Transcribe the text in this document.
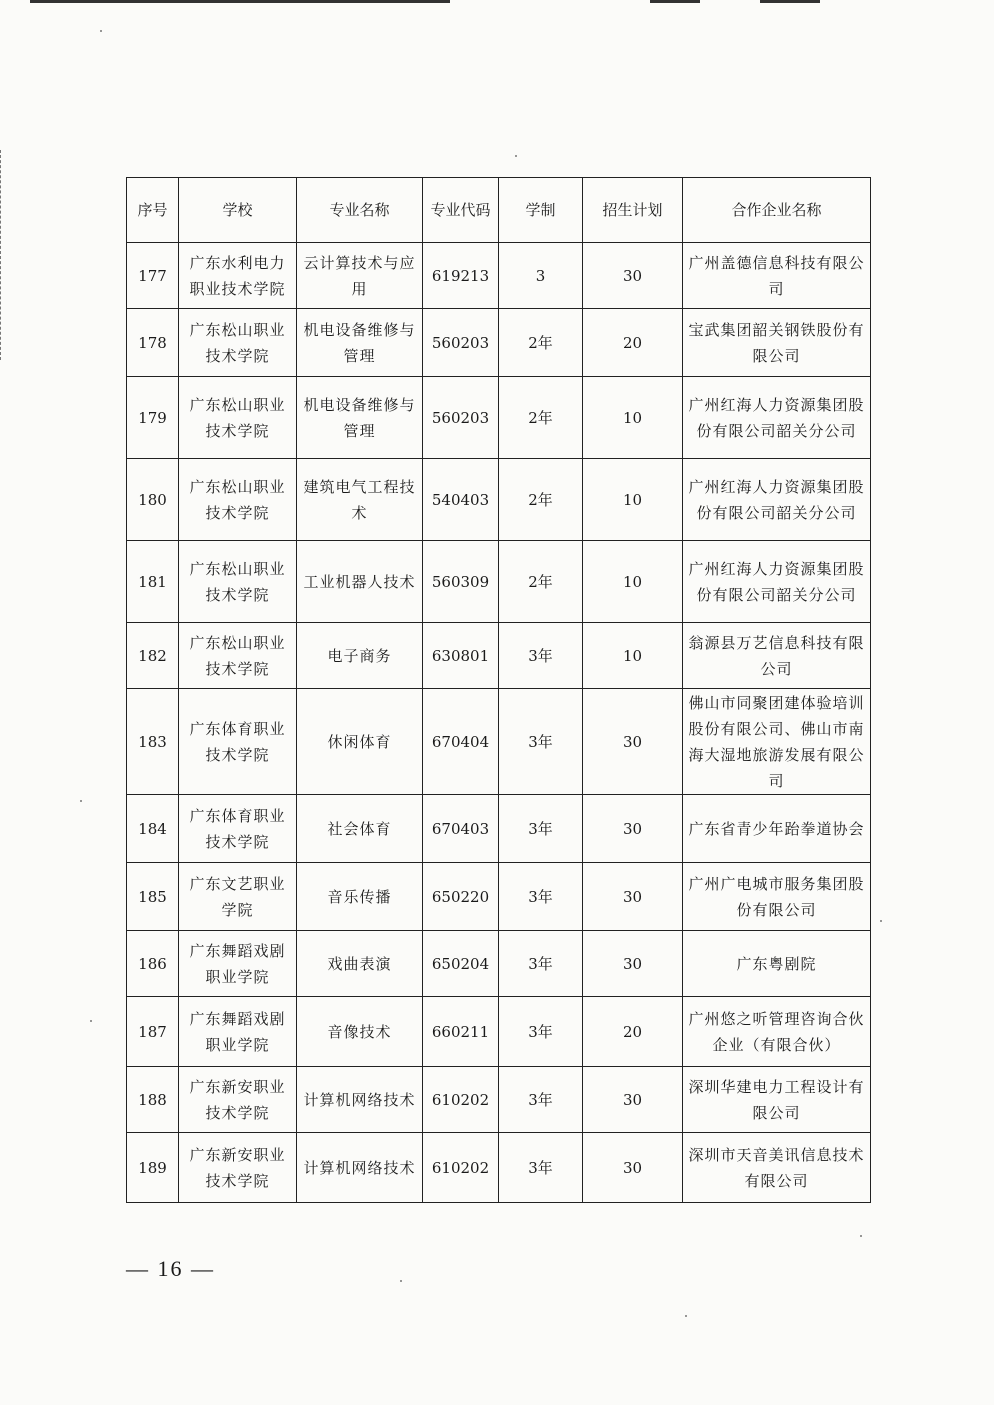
序号	学校	专业名称	专业代码	学制	招生计划	合作企业名称
177	广东水利电力职业技术学院	云计算技术与应用	619213	3	30	广州盖德信息科技有限公司
178	广东松山职业技术学院	机电设备维修与管理	560203	2年	20	宝武集团韶关钢铁股份有限公司
179	广东松山职业技术学院	机电设备维修与管理	560203	2年	10	广州红海人力资源集团股份有限公司韶关分公司
180	广东松山职业技术学院	建筑电气工程技术	540403	2年	10	广州红海人力资源集团股份有限公司韶关分公司
181	广东松山职业技术学院	工业机器人技术	560309	2年	10	广州红海人力资源集团股份有限公司韶关分公司
182	广东松山职业技术学院	电子商务	630801	3年	10	翁源县万艺信息科技有限公司
183	广东体育职业技术学院	休闲体育	670404	3年	30	佛山市同聚团建体验培训股份有限公司、佛山市南海大湿地旅游发展有限公司
184	广东体育职业技术学院	社会体育	670403	3年	30	广东省青少年跆拳道协会
185	广东文艺职业学院	音乐传播	650220	3年	30	广州广电城市服务集团股份有限公司
186	广东舞蹈戏剧职业学院	戏曲表演	650204	3年	30	广东粤剧院
187	广东舞蹈戏剧职业学院	音像技术	660211	3年	20	广州悠之听管理咨询合伙企业（有限合伙）
188	广东新安职业技术学院	计算机网络技术	610202	3年	30	深圳华建电力工程设计有限公司
189	广东新安职业技术学院	计算机网络技术	610202	3年	30	深圳市天音美讯信息技术有限公司
— 16 —
